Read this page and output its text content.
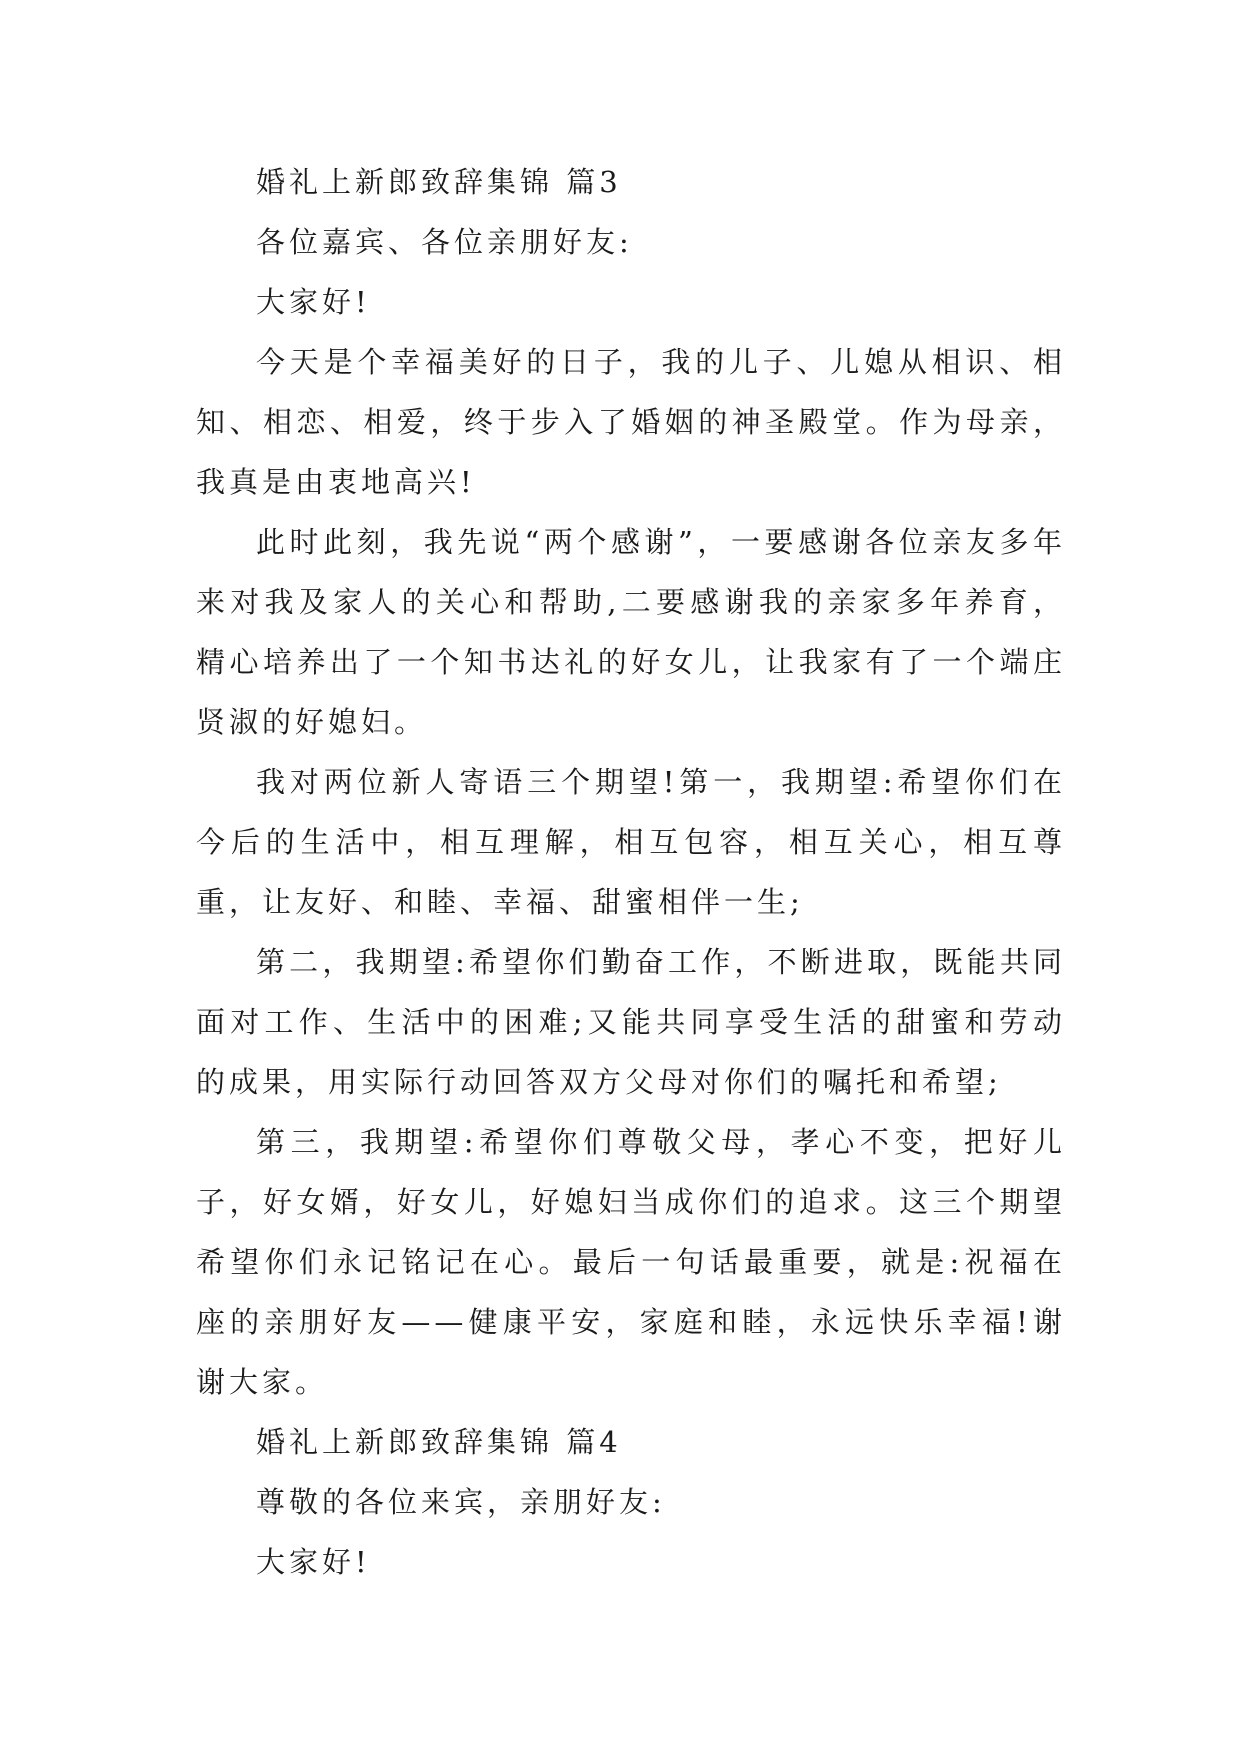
婚礼上新郎致辞集锦 篇3

各位嘉宾、各位亲朋好友:

大家好!

今天是个幸福美好的日子，我的儿子、儿媳从相识、相知、相恋、相爱，终于步入了婚姻的神圣殿堂。作为母亲，我真是由衷地高兴!

此时此刻，我先说“两个感谢”，一要感谢各位亲友多年来对我及家人的关心和帮助,二要感谢我的亲家多年养育，精心培养出了一个知书达礼的好女儿，让我家有了一个端庄贤淑的好媳妇。

我对两位新人寄语三个期望!第一，我期望:希望你们在今后的生活中，相互理解，相互包容，相互关心，相互尊重，让友好、和睦、幸福、甜蜜相伴一生;

第二，我期望:希望你们勤奋工作，不断进取，既能共同面对工作、生活中的困难;又能共同享受生活的甜蜜和劳动的成果，用实际行动回答双方父母对你们的嘱托和希望;

第三，我期望:希望你们尊敬父母，孝心不变，把好儿子，好女婿，好女儿，好媳妇当成你们的追求。这三个期望希望你们永记铭记在心。最后一句话最重要，就是:祝福在座的亲朋好友——健康平安，家庭和睦，永远快乐幸福!谢谢大家。

婚礼上新郎致辞集锦 篇4

尊敬的各位来宾，亲朋好友:

大家好!
